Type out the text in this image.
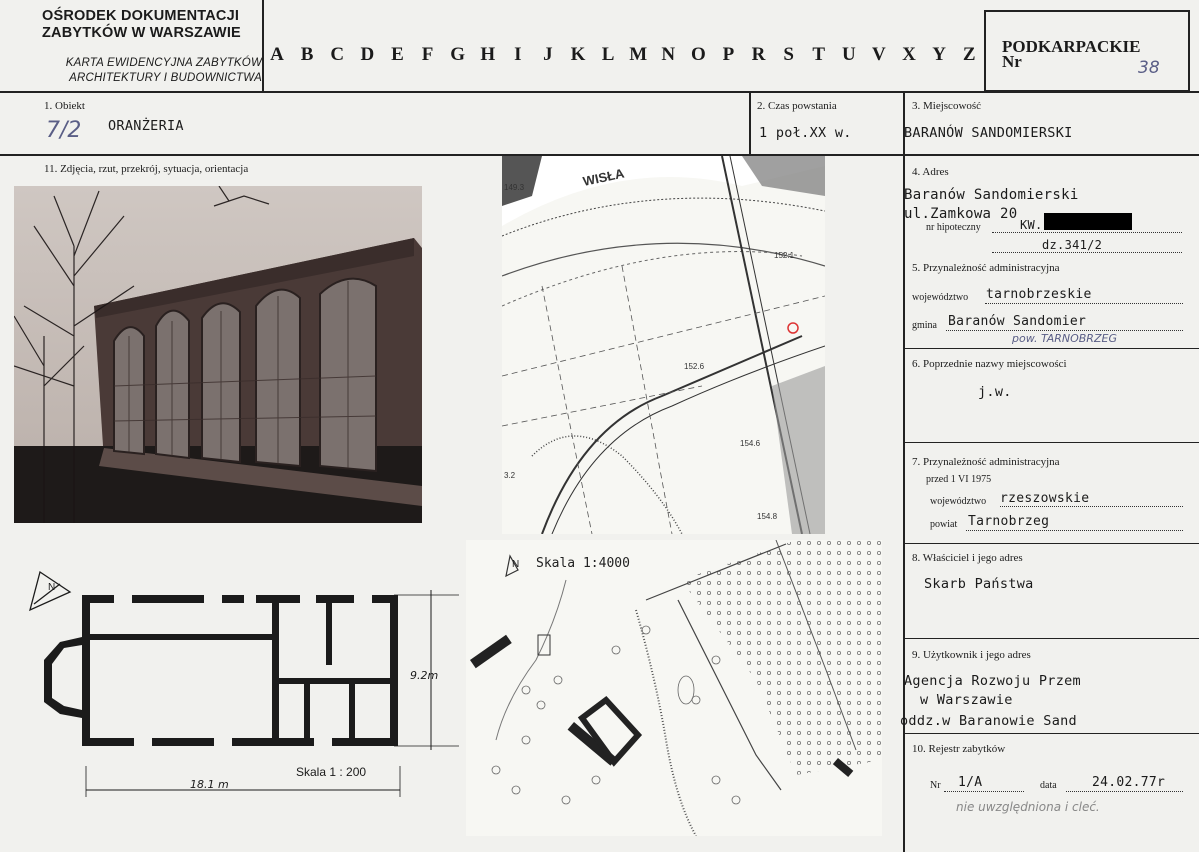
OŚRODEK DOKUMENTACJI
ZABYTKÓW W WARSZAWIE
KARTA EWIDENCYJNA ZABYTKÓW
ARCHITEKTURY I BUDOWNICTWA
A B C D E F G H	I	J K L M N O P R S T U V X Y Z	PODKARPACKIE
Nr	38
1. Obiekt
7/2 ORANŻERIA
2. Czas powstania
1 poł.XX w.
3. Miejscowość
BARANÓW SANDOMIERSKI
11. Zdjęcia, rzut, przekrój, sytuacja, orientacja	4. Adres
Baranów Sandomierski
ul.Zamkowa 20
nr hipoteczny	KW.
dz.341/2
5. Przynależność administracyjna
województwo tarnobrzeskie
gmina Baranów Sandomier
pow. TARNOBRZEG
6. Poprzednie nazwy miejscowości
j.w.
7. Przynależność administracyjna
przed 1 VI 1975
województwo rzeszowskie
powiat Tarnobrzeg
8. Właściciel i jego adres
Skarb Państwa
9. Użytkownik i jego adres
Agencja Rozwoju Przem
w Warszawie
oddz.w Baranowie Sand
10. Rejestr zabytków
Nr 1/A	data	24.02.77r
nie uwzględniona i cleć.
WISŁA
149.3
152.1
152.6
154.6
154.8
3.2
N
9.2m
18.1 m
Skala 1 : 200
N Skala 1:4000
